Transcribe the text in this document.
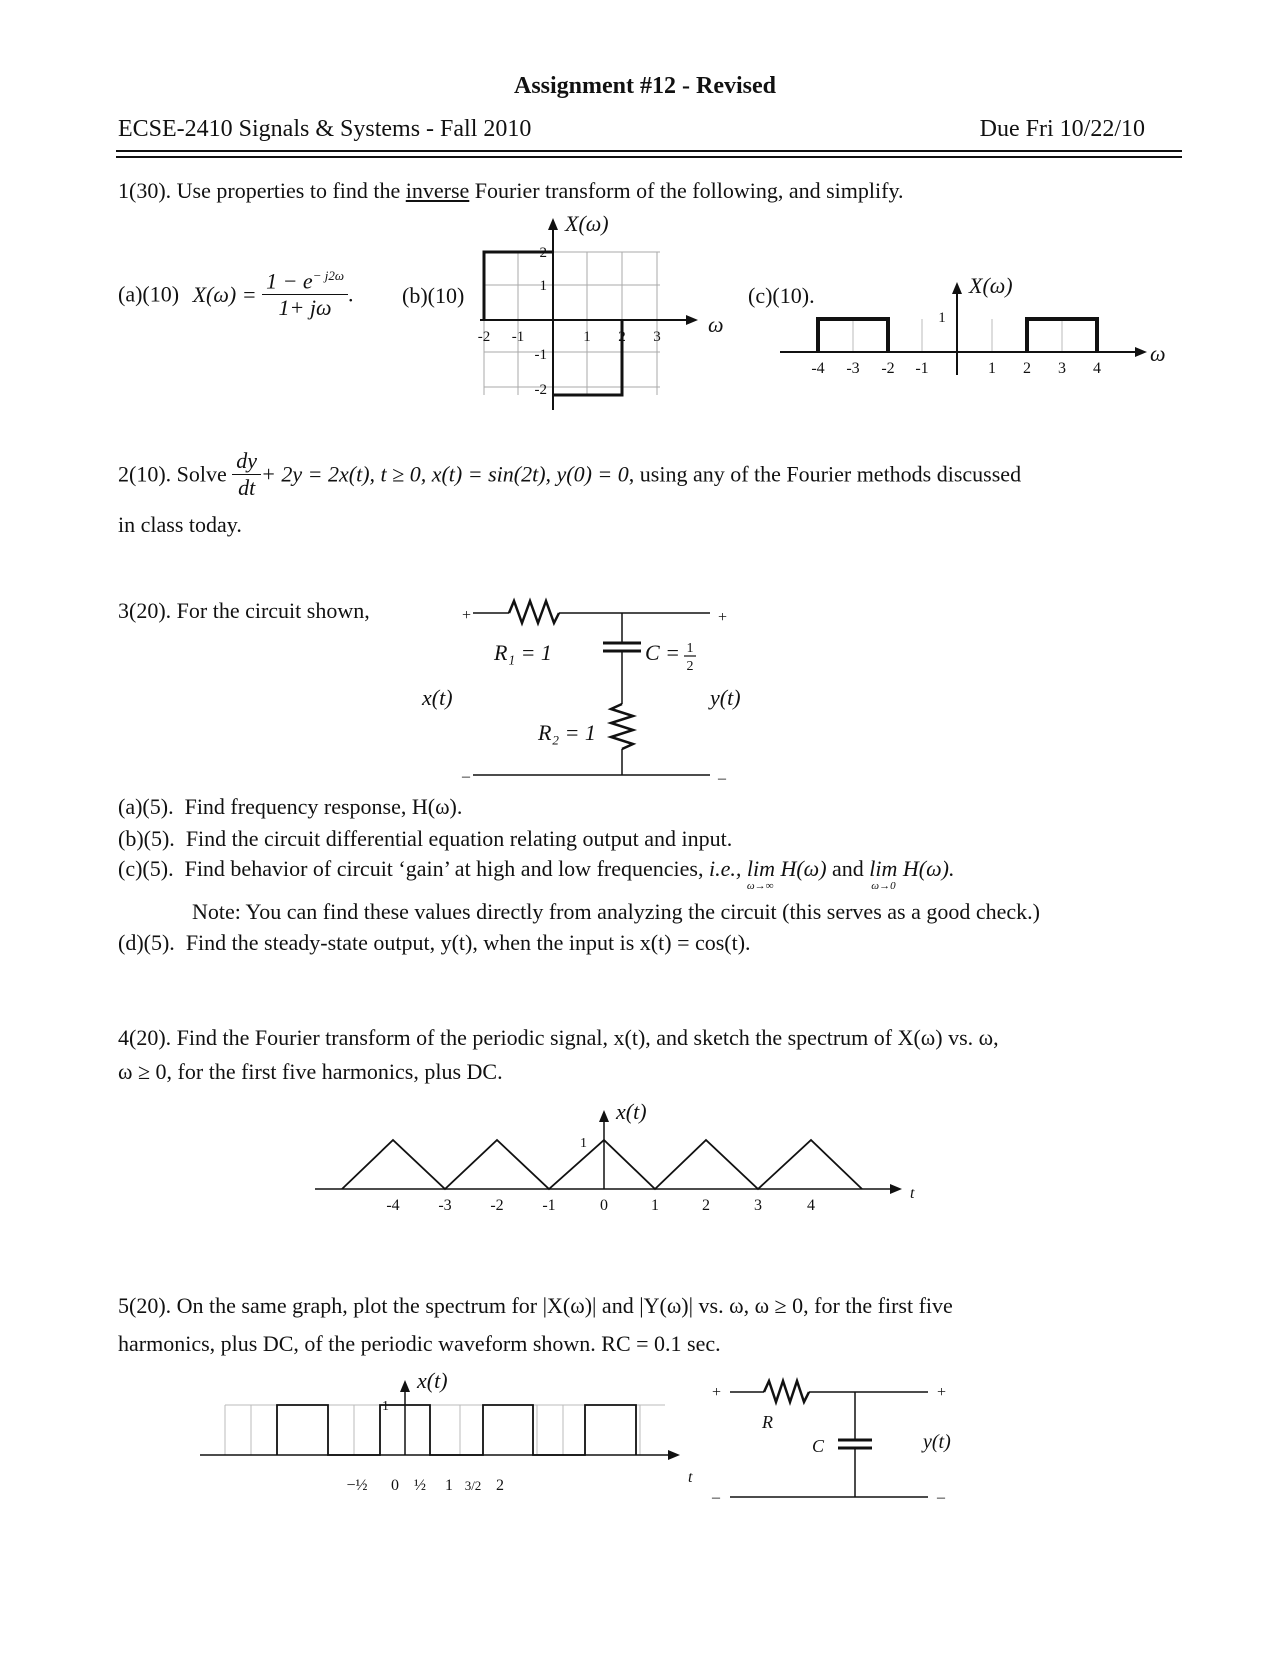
Assignment #12 - Revised
ECSE-2410 Signals & Systems - Fall 2010	Due Fri 10/22/10
1(30). Use properties to find the inverse Fourier transform of the following, and simplify.
(a)(10) $X(\omega) = \frac{1 - e^{- j2\omega}}{1+ j\omega}$ . (b)(10)	(c)(10).
X(ω)
ω
-2 -1	1 2 3
2
1
-1
-2
X(ω)
ω
1
-4 -3 -2 -1	1 2 3 4
2(10). Solve $\frac{dy}{dt} + 2y = 2x(t)$, t ≥ 0, x(t) = sin(2t), y(0) = 0, using any of the Fourier methods discussed
in class today.
3(20). For the circuit shown,	+	+
–	–
R₁ = 1
R₂ = 1
C = 1
2
x(t)	y(t)
(a)(5). Find frequency response, H(ω).
(b)(5). Find the circuit differential equation relating output and input.
(c)(5). Find behavior of circuit ‘gain’ at high and low frequencies, i.e., lim H(ω)
ω→∞
and lim H(ω).
ω→0
Note: You can find these values directly from analyzing the circuit (this serves as a good check.)
(d)(5). Find the steady-state output, y(t), when the input is x(t) = cos(t).
4(20). Find the Fourier transform of the periodic signal, x(t), and sketch the spectrum of X(ω) vs. ω,
ω ≥ 0, for the first five harmonics, plus DC.
x(t)
t
1
-4 -3 -2 -1	0	1	2	3	4
5(20). On the same graph, plot the spectrum for |X(ω)| and |Y(ω)| vs. ω, ω ≥ 0, for the first five
harmonics, plus DC, of the periodic waveform shown. RC = 0.1 sec.
x(t)
t
1
−½ 0 ½ 1 3/2 2
+	+
–	–
R
C	y(t)
